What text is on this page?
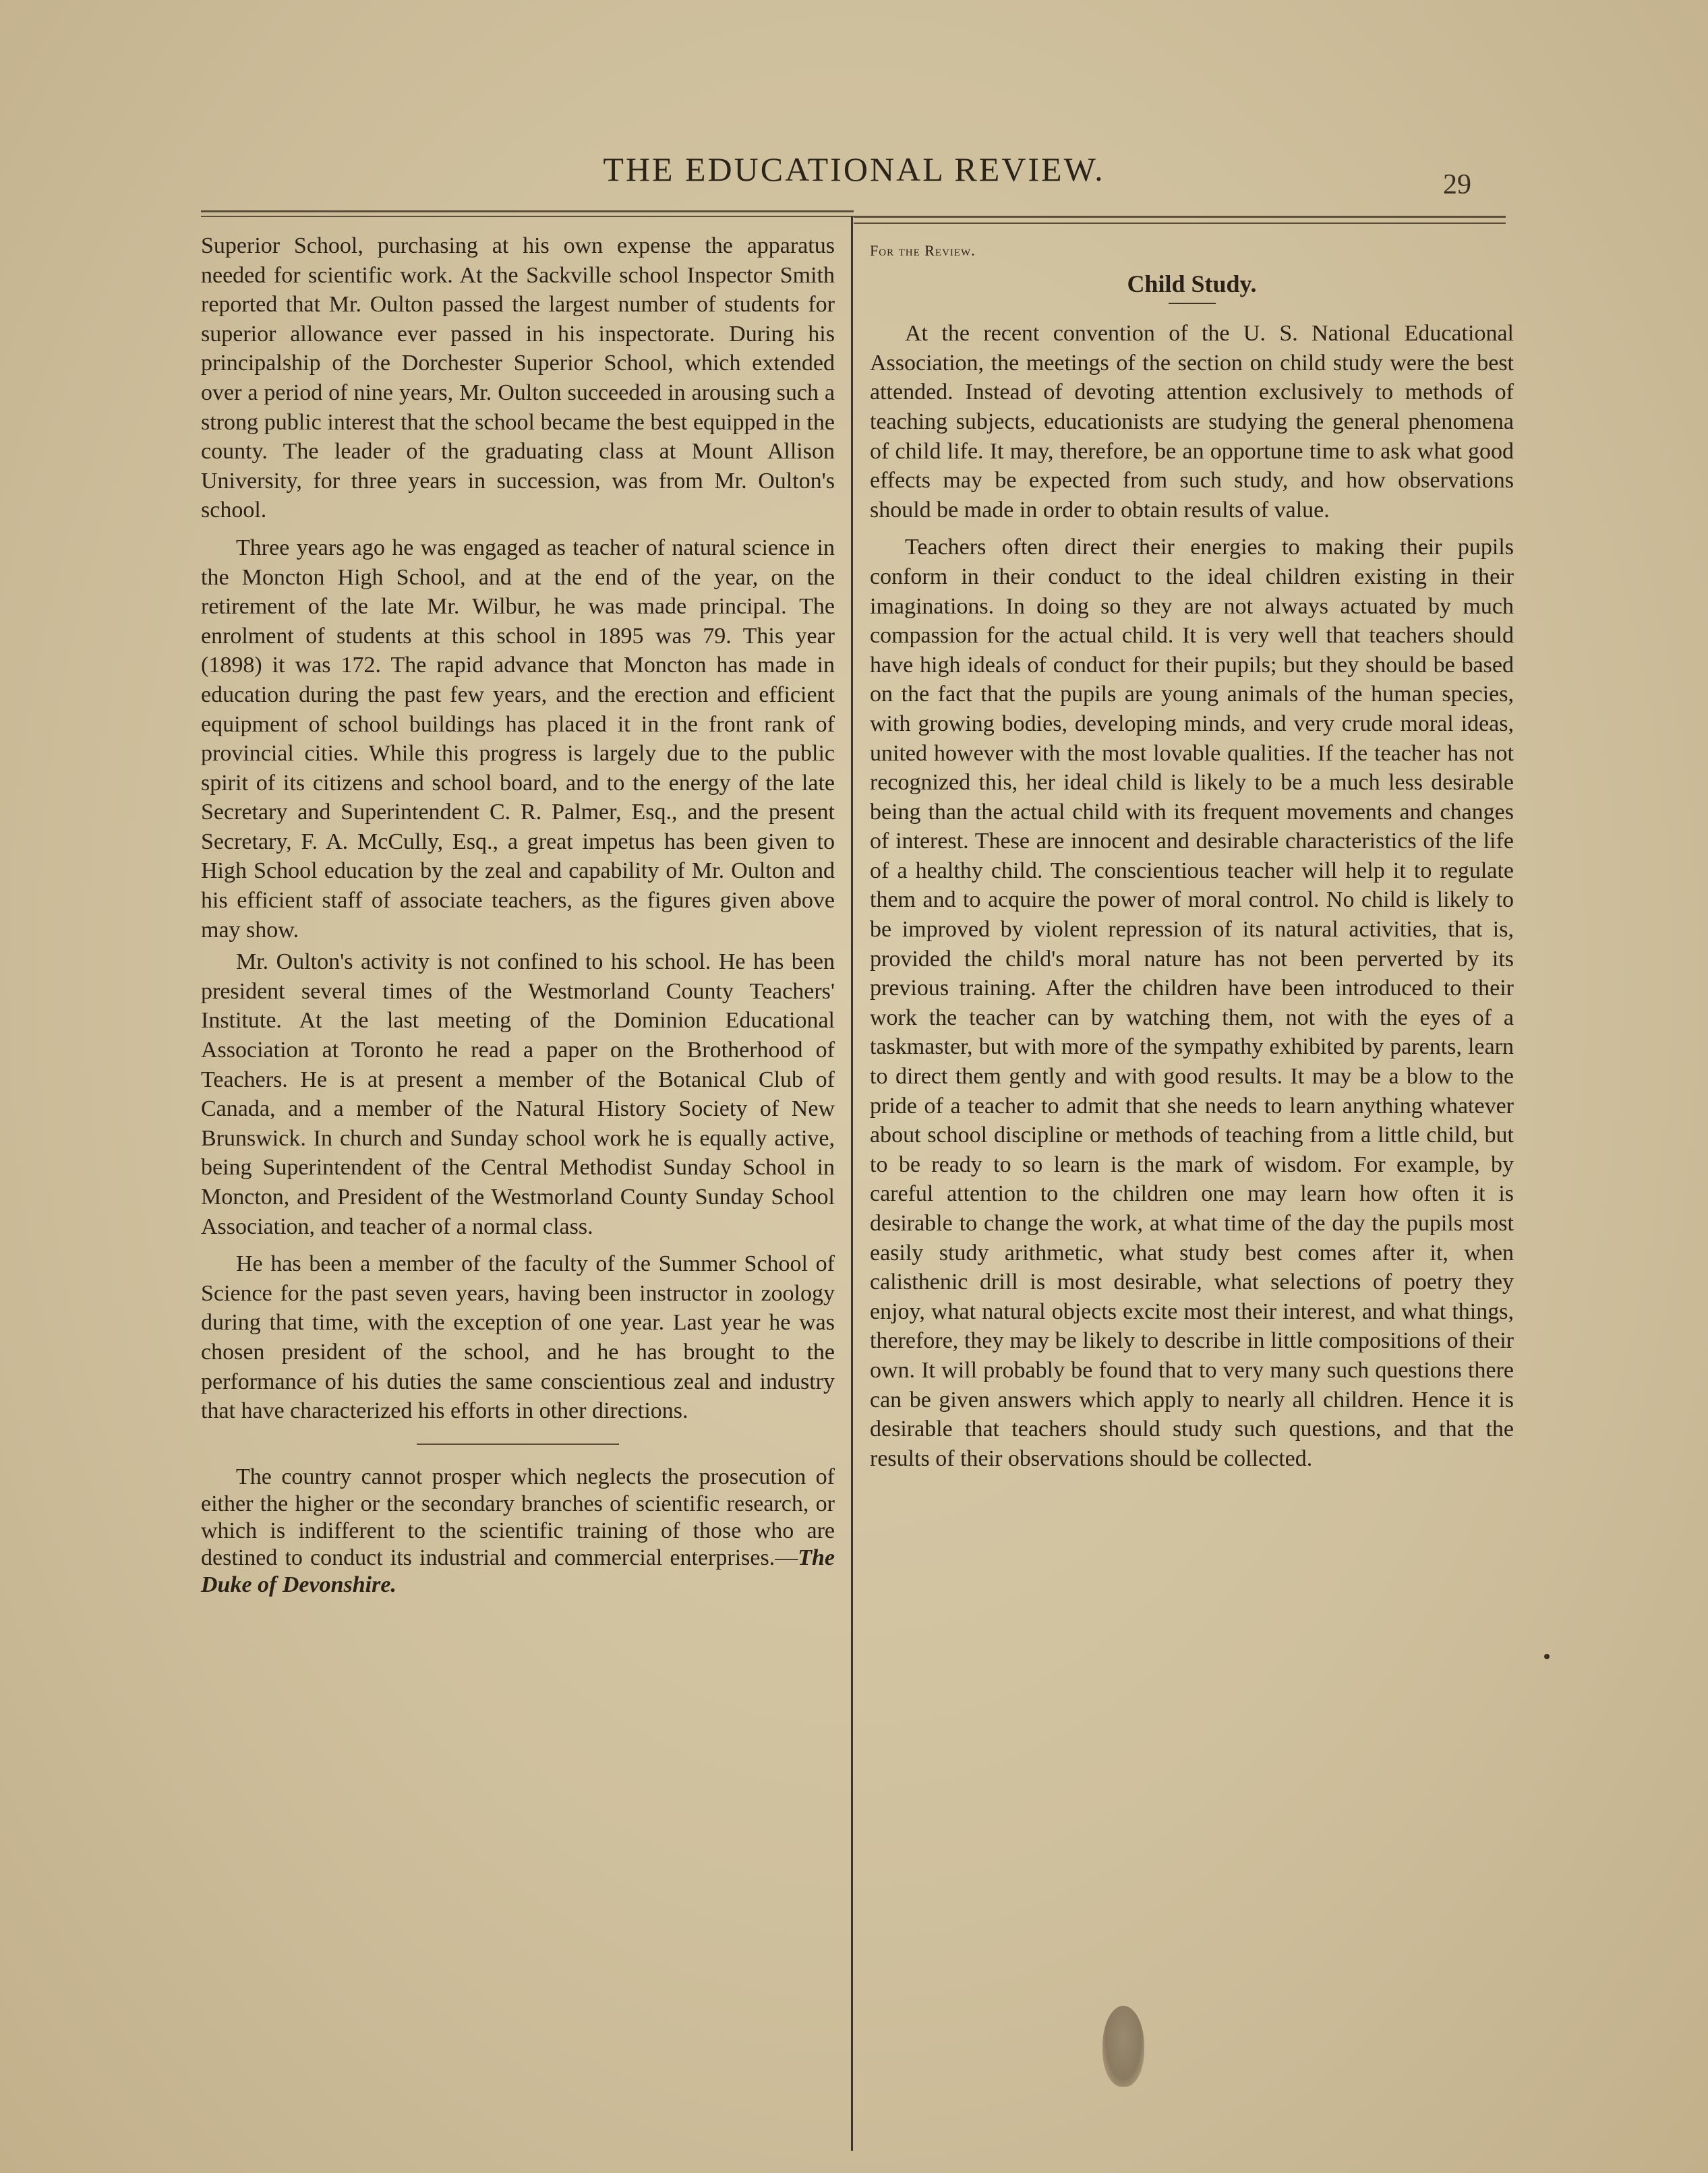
THE EDUCATIONAL REVIEW.	29

Superior School, purchasing at his own expense the apparatus needed for scientific work. At the Sackville school Inspector Smith reported that Mr. Oulton passed the largest number of students for superior allowance ever passed in his inspectorate. During his principalship of the Dorchester Superior School, which extended over a period of nine years, Mr. Oulton succeeded in arousing such a strong public interest that the school became the best equipped in the county. The leader of the graduating class at Mount Allison University, for three years in succession, was from Mr. Oulton's school.

Three years ago he was engaged as teacher of natural science in the Moncton High School, and at the end of the year, on the retirement of the late Mr. Wilbur, he was made principal. The enrolment of students at this school in 1895 was 79. This year (1898) it was 172. The rapid advance that Moncton has made in education during the past few years, and the erection and efficient equipment of school buildings has placed it in the front rank of provincial cities. While this progress is largely due to the public spirit of its citizens and school board, and to the energy of the late Secretary and Superintendent C. R. Palmer, Esq., and the present Secretary, F. A. McCully, Esq., a great impetus has been given to High School education by the zeal and capability of Mr. Oulton and his efficient staff of associate teachers, as the figures given above may show.

Mr. Oulton's activity is not confined to his school. He has been president several times of the Westmorland County Teachers' Institute. At the last meeting of the Dominion Educational Association at Toronto he read a paper on the Brotherhood of Teachers. He is at present a member of the Botanical Club of Canada, and a member of the Natural History Society of New Brunswick. In church and Sunday school work he is equally active, being Superintendent of the Central Methodist Sunday School in Moncton, and President of the Westmorland County Sunday School Association, and teacher of a normal class.

He has been a member of the faculty of the Summer School of Science for the past seven years, having been instructor in zoology during that time, with the exception of one year. Last year he was chosen president of the school, and he has brought to the performance of his duties the same conscientious zeal and industry that have characterized his efforts in other directions.

The country cannot prosper which neglects the prosecution of either the higher or the secondary branches of scientific research, or which is indifferent to the scientific training of those who are destined to conduct its industrial and commercial enterprises.—The Duke of Devonshire.

For the Review.
Child Study.

At the recent convention of the U. S. National Educational Association, the meetings of the section on child study were the best attended. Instead of devoting attention exclusively to methods of teaching subjects, educationists are studying the general phenomena of child life. It may, therefore, be an opportune time to ask what good effects may be expected from such study, and how observations should be made in order to obtain results of value.

Teachers often direct their energies to making their pupils conform in their conduct to the ideal children existing in their imaginations. In doing so they are not always actuated by much compassion for the actual child. It is very well that teachers should have high ideals of conduct for their pupils; but they should be based on the fact that the pupils are young animals of the human species, with growing bodies, developing minds, and very crude moral ideas, united however with the most lovable qualities. If the teacher has not recognized this, her ideal child is likely to be a much less desirable being than the actual child with its frequent movements and changes of interest. These are innocent and desirable characteristics of the life of a healthy child. The conscientious teacher will help it to regulate them and to acquire the power of moral control. No child is likely to be improved by violent repression of its natural activities, that is, provided the child's moral nature has not been perverted by its previous training. After the children have been introduced to their work the teacher can by watching them, not with the eyes of a taskmaster, but with more of the sympathy exhibited by parents, learn to direct them gently and with good results. It may be a blow to the pride of a teacher to admit that she needs to learn anything whatever about school discipline or methods of teaching from a little child, but to be ready to so learn is the mark of wisdom. For example, by careful attention to the children one may learn how often it is desirable to change the work, at what time of the day the pupils most easily study arithmetic, what study best comes after it, when calisthenic drill is most desirable, what selections of poetry they enjoy, what natural objects excite most their interest, and what things, therefore, they may be likely to describe in little compositions of their own. It will probably be found that to very many such questions there can be given answers which apply to nearly all children. Hence it is desirable that teachers should study such questions, and that the results of their observations should be collected.
